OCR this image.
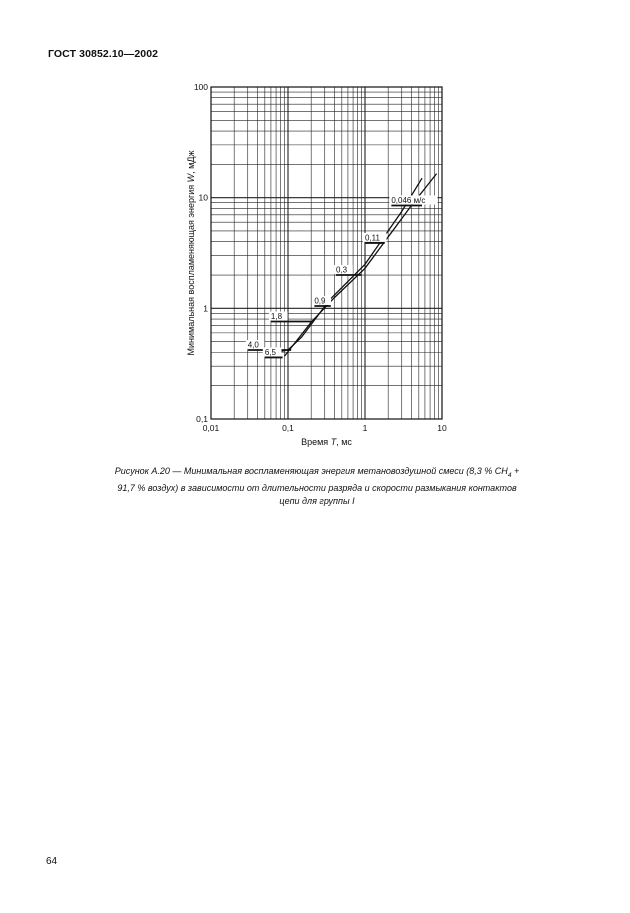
ГОСТ 30852.10—2002
0,01	0,1	1	10
0,1
1
10
100
0,046 м/с
0,11
0,3
0,9
1,8
4,0
6,5
Время T, мс
Минимальная воспламеняющая энергия W, мДж
Рисунок А.20 — Минимальная воспламеняющая энергия метановоздушной смеси (8,3 % $CH_4 + 91,7$ % воздух) в зависимости от длительности разряда и скорости размыкания контактов цепи для группы I
64
